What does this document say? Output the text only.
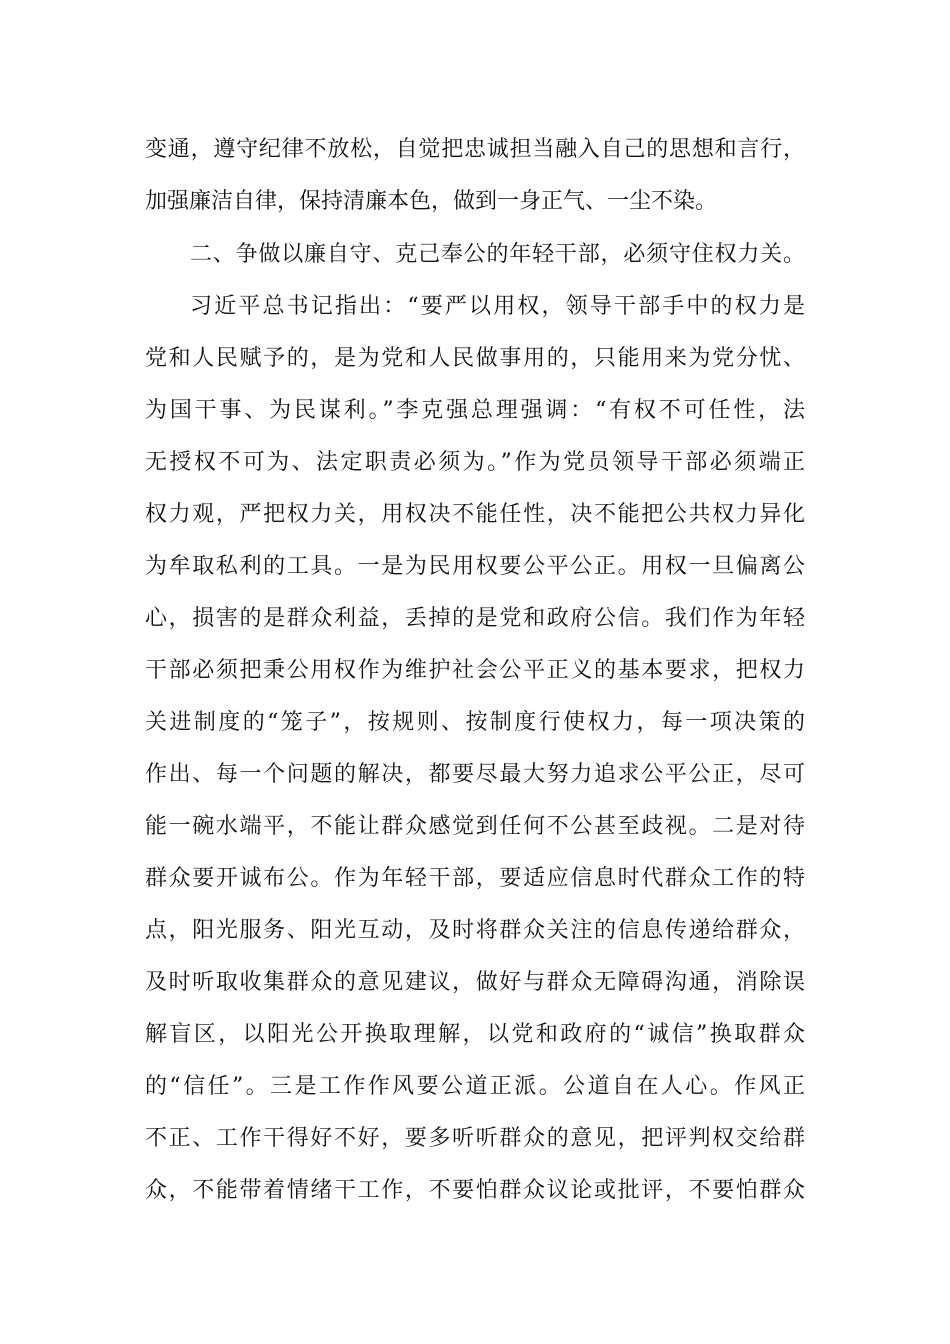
变通，遵守纪律不放松，自觉把忠诚担当融入自己的思想和言行，
加强廉洁自律，保持清廉本色，做到一身正气、一尘不染。
二、争做以廉自守、克己奉公的年轻干部，必须守住权力关。
习近平总书记指出：“要严以用权，领导干部手中的权力是
党和人民赋予的，是为党和人民做事用的，只能用来为党分忧、
为国干事、为民谋利。”李克强总理强调：“有权不可任性，法
无授权不可为、法定职责必须为。”作为党员领导干部必须端正
权力观，严把权力关，用权决不能任性，决不能把公共权力异化
为牟取私利的工具。一是为民用权要公平公正。用权一旦偏离公
心，损害的是群众利益，丢掉的是党和政府公信。我们作为年轻
干部必须把秉公用权作为维护社会公平正义的基本要求，把权力
关进制度的“笼子”，按规则、按制度行使权力，每一项决策的
作出、每一个问题的解决，都要尽最大努力追求公平公正，尽可
能一碗水端平，不能让群众感觉到任何不公甚至歧视。二是对待
群众要开诚布公。作为年轻干部，要适应信息时代群众工作的特
点，阳光服务、阳光互动，及时将群众关注的信息传递给群众，
及时听取收集群众的意见建议，做好与群众无障碍沟通，消除误
解盲区，以阳光公开换取理解，以党和政府的“诚信”换取群众
的“信任”。三是工作作风要公道正派。公道自在人心。作风正
不正、工作干得好不好，要多听听群众的意见，把评判权交给群
众，不能带着情绪干工作，不要怕群众议论或批评，不要怕群众
